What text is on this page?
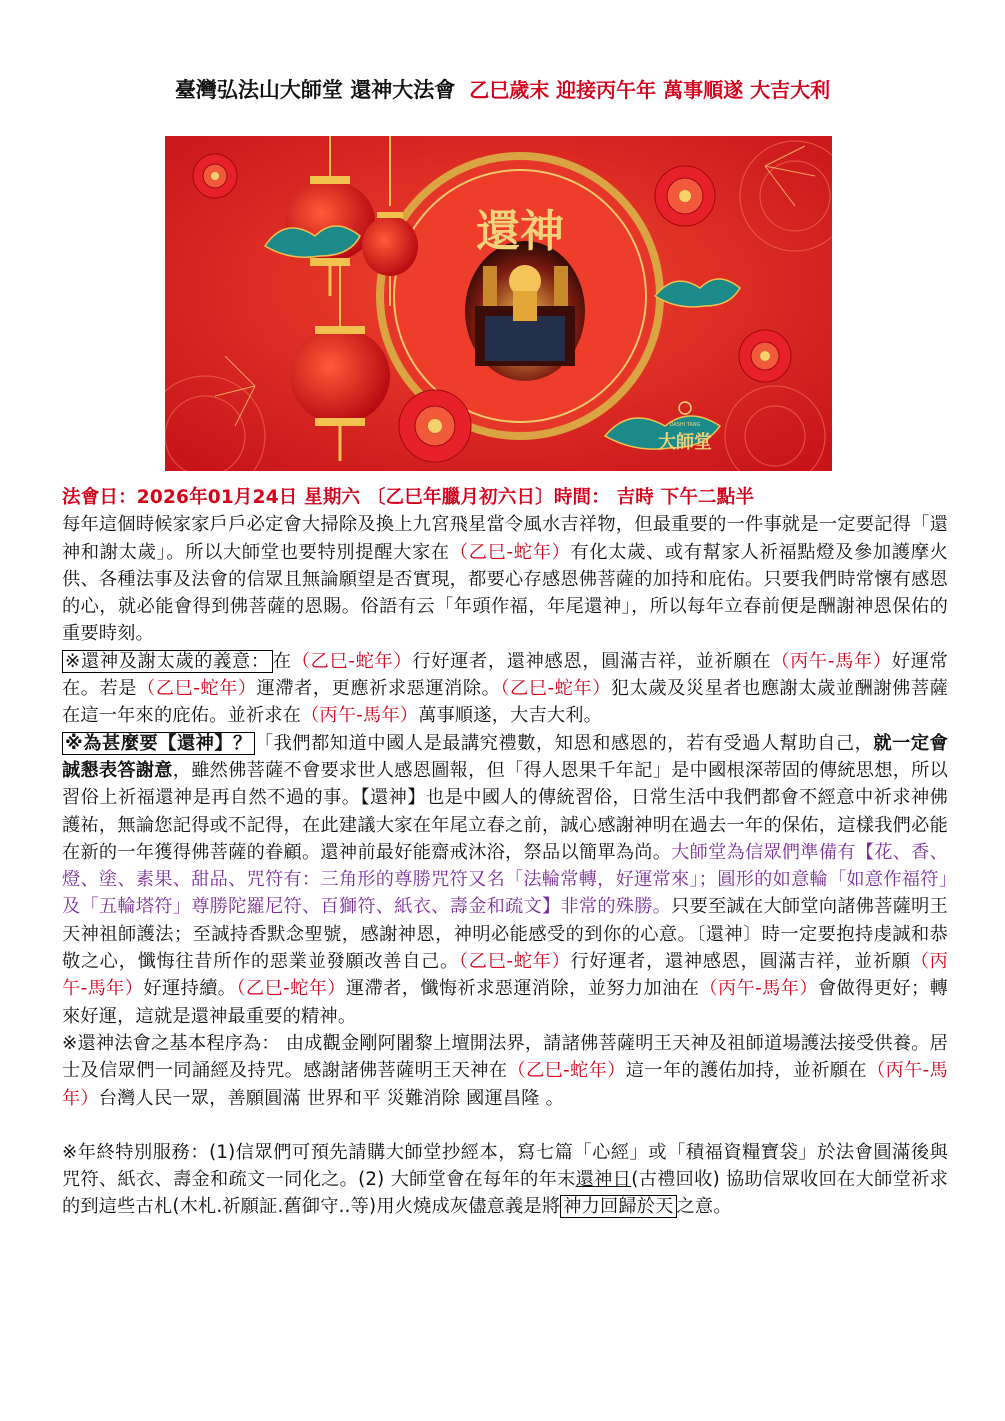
臺灣弘法山大師堂 還神大法會 乙巳歲末 迎接丙午年 萬事順遂 大吉大利
還神
DASHI TANG
大師堂

法會日：2026年01月24日 星期六 〔乙巳年臘月初六日〕時間： 吉時 下午二點半

每年這個時候家家戶戶必定會大掃除及換上九宮飛星當令風水吉祥物，但最重要的一件事就是一定要記得「還神和謝太歲」。所以大師堂也要特別提醒大家在（乙巳-蛇年）有化太歲、或有幫家人祈福點燈及參加護摩火供、各種法事及法會的信眾且無論願望是否實現，都要心存感恩佛菩薩的加持和庇佑。只要我們時常懷有感恩的心，就必能會得到佛菩薩的恩賜。俗語有云「年頭作福，年尾還神」，所以每年立春前便是酬謝神恩保佑的重要時刻。

※還神及謝太歲的義意： 在（乙巳-蛇年）行好運者，還神感恩，圓滿吉祥，並祈願在（丙午-馬年）好運常在。若是（乙巳-蛇年）運滯者，更應祈求惡運消除。（乙巳-蛇年）犯太歲及災星者也應謝太歲並酬謝佛菩薩在這一年來的庇佑。並祈求在（丙午-馬年）萬事順遂，大吉大利。

※為甚麼要【還神】？ 「我們都知道中國人是最講究禮數，知恩和感恩的，若有受過人幫助自己，就一定會誠懇表答謝意，雖然佛菩薩不會要求世人感恩圖報，但「得人恩果千年記」是中國根深蒂固的傳統思想，所以習俗上祈福還神是再自然不過的事。【還神】也是中國人的傳統習俗，日常生活中我們都會不經意中祈求神佛護祐，無論您記得或不記得，在此建議大家在年尾立春之前，誠心感謝神明在過去一年的保佑，這樣我們必能在新的一年獲得佛菩薩的眷顧。還神前最好能齋戒沐浴，祭品以簡單為尚。大師堂為信眾們準備有【花、香、燈、塗、素果、甜品、咒符有：三角形的尊勝咒符又名「法輪常轉，好運常來」；圓形的如意輪「如意作福符」及「五輪塔符」尊勝陀羅尼符、百獅符、紙衣、壽金和疏文】非常的殊勝。只要至誠在大師堂向諸佛菩薩明王天神祖師護法；至誠持香默念聖號，感謝神恩，神明必能感受的到你的心意。〔還神〕時一定要抱持虔誠和恭敬之心，懺悔往昔所作的惡業並發願改善自己。（乙巳-蛇年）行好運者，還神感恩，圓滿吉祥，並祈願（丙午-馬年）好運持續。（乙巳-蛇年）運滯者，懺悔祈求惡運消除，並努力加油在（丙午-馬年）會做得更好；轉來好運，這就是還神最重要的精神。

※還神法會之基本程序為： 由成觀金剛阿闍黎上壇開法界，請諸佛菩薩明王天神及祖師道場護法接受供養。居士及信眾們一同誦經及持咒。感謝諸佛菩薩明王天神在（乙巳-蛇年）這一年的護佑加持，並祈願在（丙午-馬年）台灣人民一眾，善願圓滿 世界和平 災難消除 國運昌隆 。

※年終特別服務：(1)信眾們可預先請購大師堂抄經本，寫七篇「心經」或「積福資糧寶袋」於法會圓滿後與咒符、紙衣、壽金和疏文一同化之。(2) 大師堂會在每年的年末還神日(古禮回收) 協助信眾收回在大師堂祈求的到這些古札(木札.祈願証.舊御守..等)用火燒成灰儘意義是將 神力回歸於天 之意。
